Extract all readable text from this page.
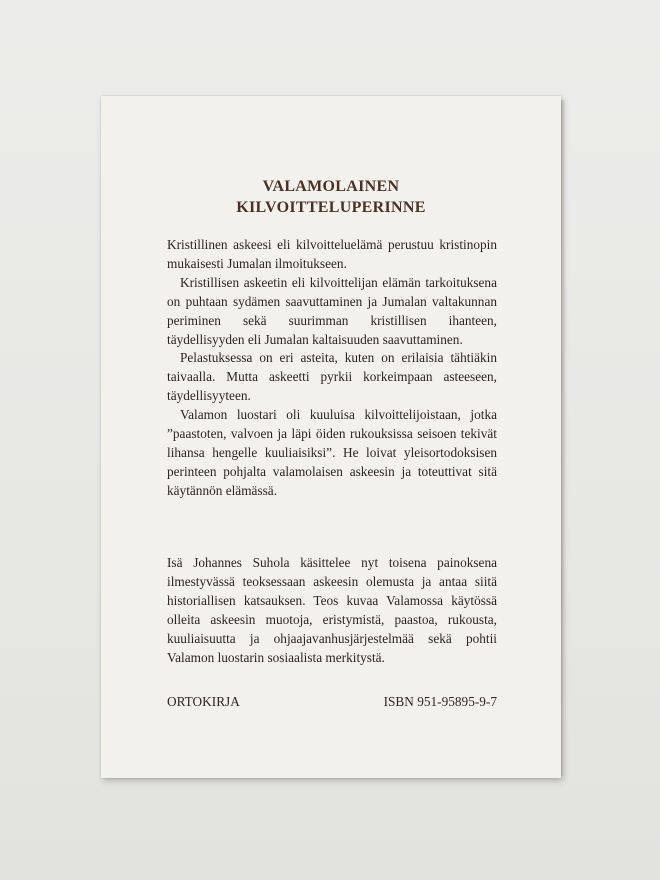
VALAMOLAINEN
KILVOITTELUPERINNE

Kristillinen askeesi eli kilvoitteluelämä perustuu kristinopin mukaisesti Jumalan ilmoitukseen.

Kristillisen askeetin eli kilvoittelijan elämän tarkoituksena on puhtaan sydämen saavuttaminen ja Jumalan valtakunnan periminen sekä suurimman kristillisen ihanteen, täydellisyyden eli Jumalan kaltaisuuden saavuttaminen.

Pelastuksessa on eri asteita, kuten on erilaisia tähtiäkin taivaalla. Mutta askeetti pyrkii korkeimpaan asteeseen, täydellisyyteen.

Valamon luostari oli kuuluisa kilvoittelijoistaan, jotka ”paastoten, valvoen ja läpi öiden rukouksissa seisoen tekivät lihansa hengelle kuuliaisiksi”. He loivat yleisortodoksisen perinteen pohjalta valamolaisen askeesin ja toteuttivat sitä käytännön elämässä.

Isä Johannes Suhola käsittelee nyt toisena painoksena ilmestyvässä teoksessaan askeesin olemusta ja antaa siitä historiallisen katsauksen. Teos kuvaa Valamossa käytössä olleita askeesin muotoja, eristymistä, paastoa, rukousta, kuuliaisuutta ja ohjaajavanhusjärjestelmää sekä pohtii Valamon luostarin sosiaalista merkitystä.

ORTOKIRJA	ISBN 951-95895-9-7
